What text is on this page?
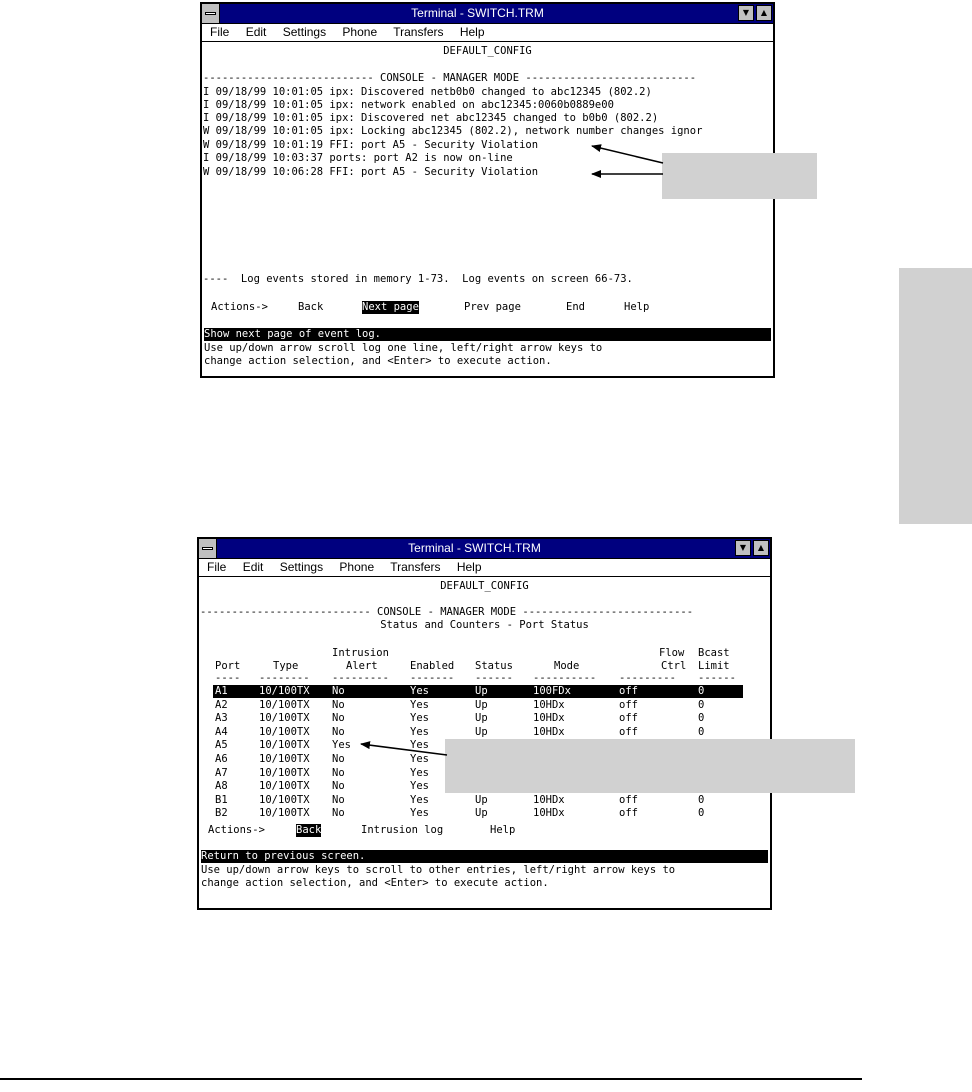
Terminal - SWITCH.TRM	▼	▲
File Edit Settings Phone Transfers Help
DEFAULT_CONFIG
--------------------------- CONSOLE - MANAGER MODE ---------------------------
I 09/18/99 10:01:05 ipx: Discovered netb0b0 changed to abc12345 (802.2)
I 09/18/99 10:01:05 ipx: network enabled on abc12345:0060b0889e00
I 09/18/99 10:01:05 ipx: Discovered net abc12345 changed to b0b0 (802.2)
W 09/18/99 10:01:05 ipx: Locking abc12345 (802.2), network number changes ignor
W 09/18/99 10:01:19 FFI: port A5 - Security Violation
I 09/18/99 10:03:37 ports: port A2 is now on-line
W 09/18/99 10:06:28 FFI: port A5 - Security Violation
----  Log events stored in memory 1-73.  Log events on screen 66-73.
Actions->	Back	Next page	Prev page	End	Help
Show next page of event log.
Use up/down arrow scroll log one line, left/right arrow keys to
change action selection, and <Enter> to execute action.
Terminal - SWITCH.TRM	▼	▲
File Edit Settings Phone Transfers Help
DEFAULT_CONFIG
--------------------------- CONSOLE - MANAGER MODE ---------------------------
Status and Counters - Port Status
Intrusion	Flow Bcast
Port	Type	Alert	Enabled Status	Mode	Ctrl Limit
---- -------- --------- ------- ------ ---------- --------- ------
A1	10/100TX No	Yes	Up	100FDx	off	0
A2	10/100TX No	Yes	Up	10HDx	off	0
A3	10/100TX No	Yes	Up	10HDx	off	0
A4	10/100TX No	Yes	Up	10HDx	off	0
A5	10/100TX Yes	Yes
A6	10/100TX No	Yes
A7	10/100TX No	Yes
A8	10/100TX No	Yes
B1	10/100TX No	Yes	Up	10HDx	off	0
B2	10/100TX No	Yes	Up	10HDx	off	0
Actions->	Back	Intrusion log	Help
Return to previous screen.
Use up/down arrow keys to scroll to other entries, left/right arrow keys to
change action selection, and <Enter> to execute action.
